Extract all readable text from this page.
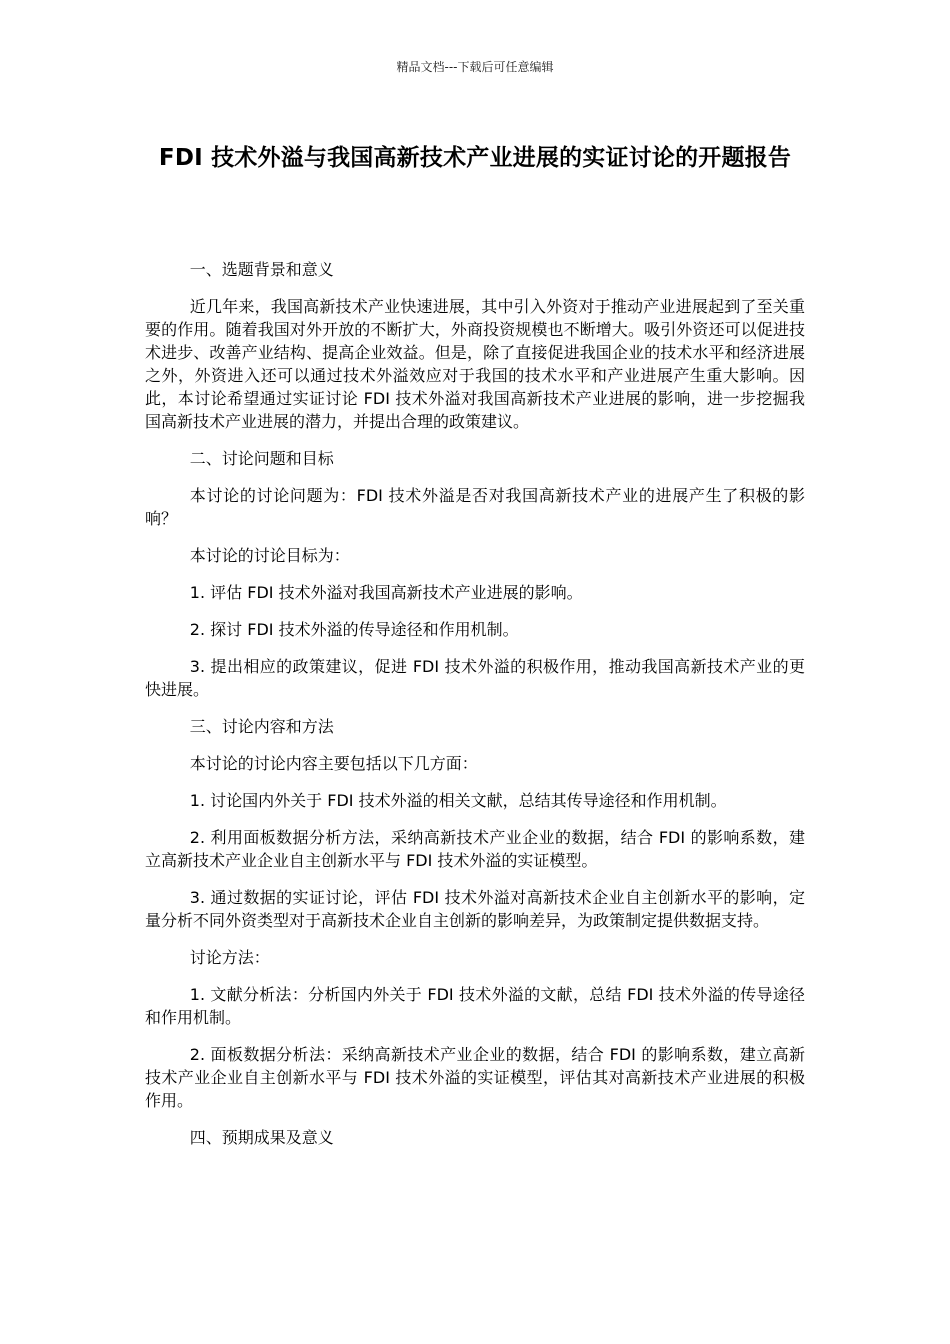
精品文档---下载后可任意编辑
FDI 技术外溢与我国高新技术产业进展的实证讨论的开题报告

一、选题背景和意义

近几年来，我国高新技术产业快速进展，其中引入外资对于推动产业进展起到了至关重要的作用。随着我国对外开放的不断扩大，外商投资规模也不断增大。吸引外资还可以促进技术进步、改善产业结构、提高企业效益。但是，除了直接促进我国企业的技术水平和经济进展之外，外资进入还可以通过技术外溢效应对于我国的技术水平和产业进展产生重大影响。因此，本讨论希望通过实证讨论 FDI 技术外溢对我国高新技术产业进展的影响，进一步挖掘我国高新技术产业进展的潜力，并提出合理的政策建议。

二、讨论问题和目标

本讨论的讨论问题为：FDI 技术外溢是否对我国高新技术产业的进展产生了积极的影响？

本讨论的讨论目标为：

1. 评估 FDI 技术外溢对我国高新技术产业进展的影响。

2. 探讨 FDI 技术外溢的传导途径和作用机制。

3. 提出相应的政策建议，促进 FDI 技术外溢的积极作用，推动我国高新技术产业的更快进展。

三、讨论内容和方法

本讨论的讨论内容主要包括以下几方面：

1. 讨论国内外关于 FDI 技术外溢的相关文献，总结其传导途径和作用机制。

2. 利用面板数据分析方法，采纳高新技术产业企业的数据，结合 FDI 的影响系数，建立高新技术产业企业自主创新水平与 FDI 技术外溢的实证模型。

3. 通过数据的实证讨论，评估 FDI 技术外溢对高新技术企业自主创新水平的影响，定量分析不同外资类型对于高新技术企业自主创新的影响差异，为政策制定提供数据支持。

讨论方法：

1. 文献分析法：分析国内外关于 FDI 技术外溢的文献，总结 FDI 技术外溢的传导途径和作用机制。

2. 面板数据分析法：采纳高新技术产业企业的数据，结合 FDI 的影响系数，建立高新技术产业企业自主创新水平与 FDI 技术外溢的实证模型，评估其对高新技术产业进展的积极作用。

四、预期成果及意义
